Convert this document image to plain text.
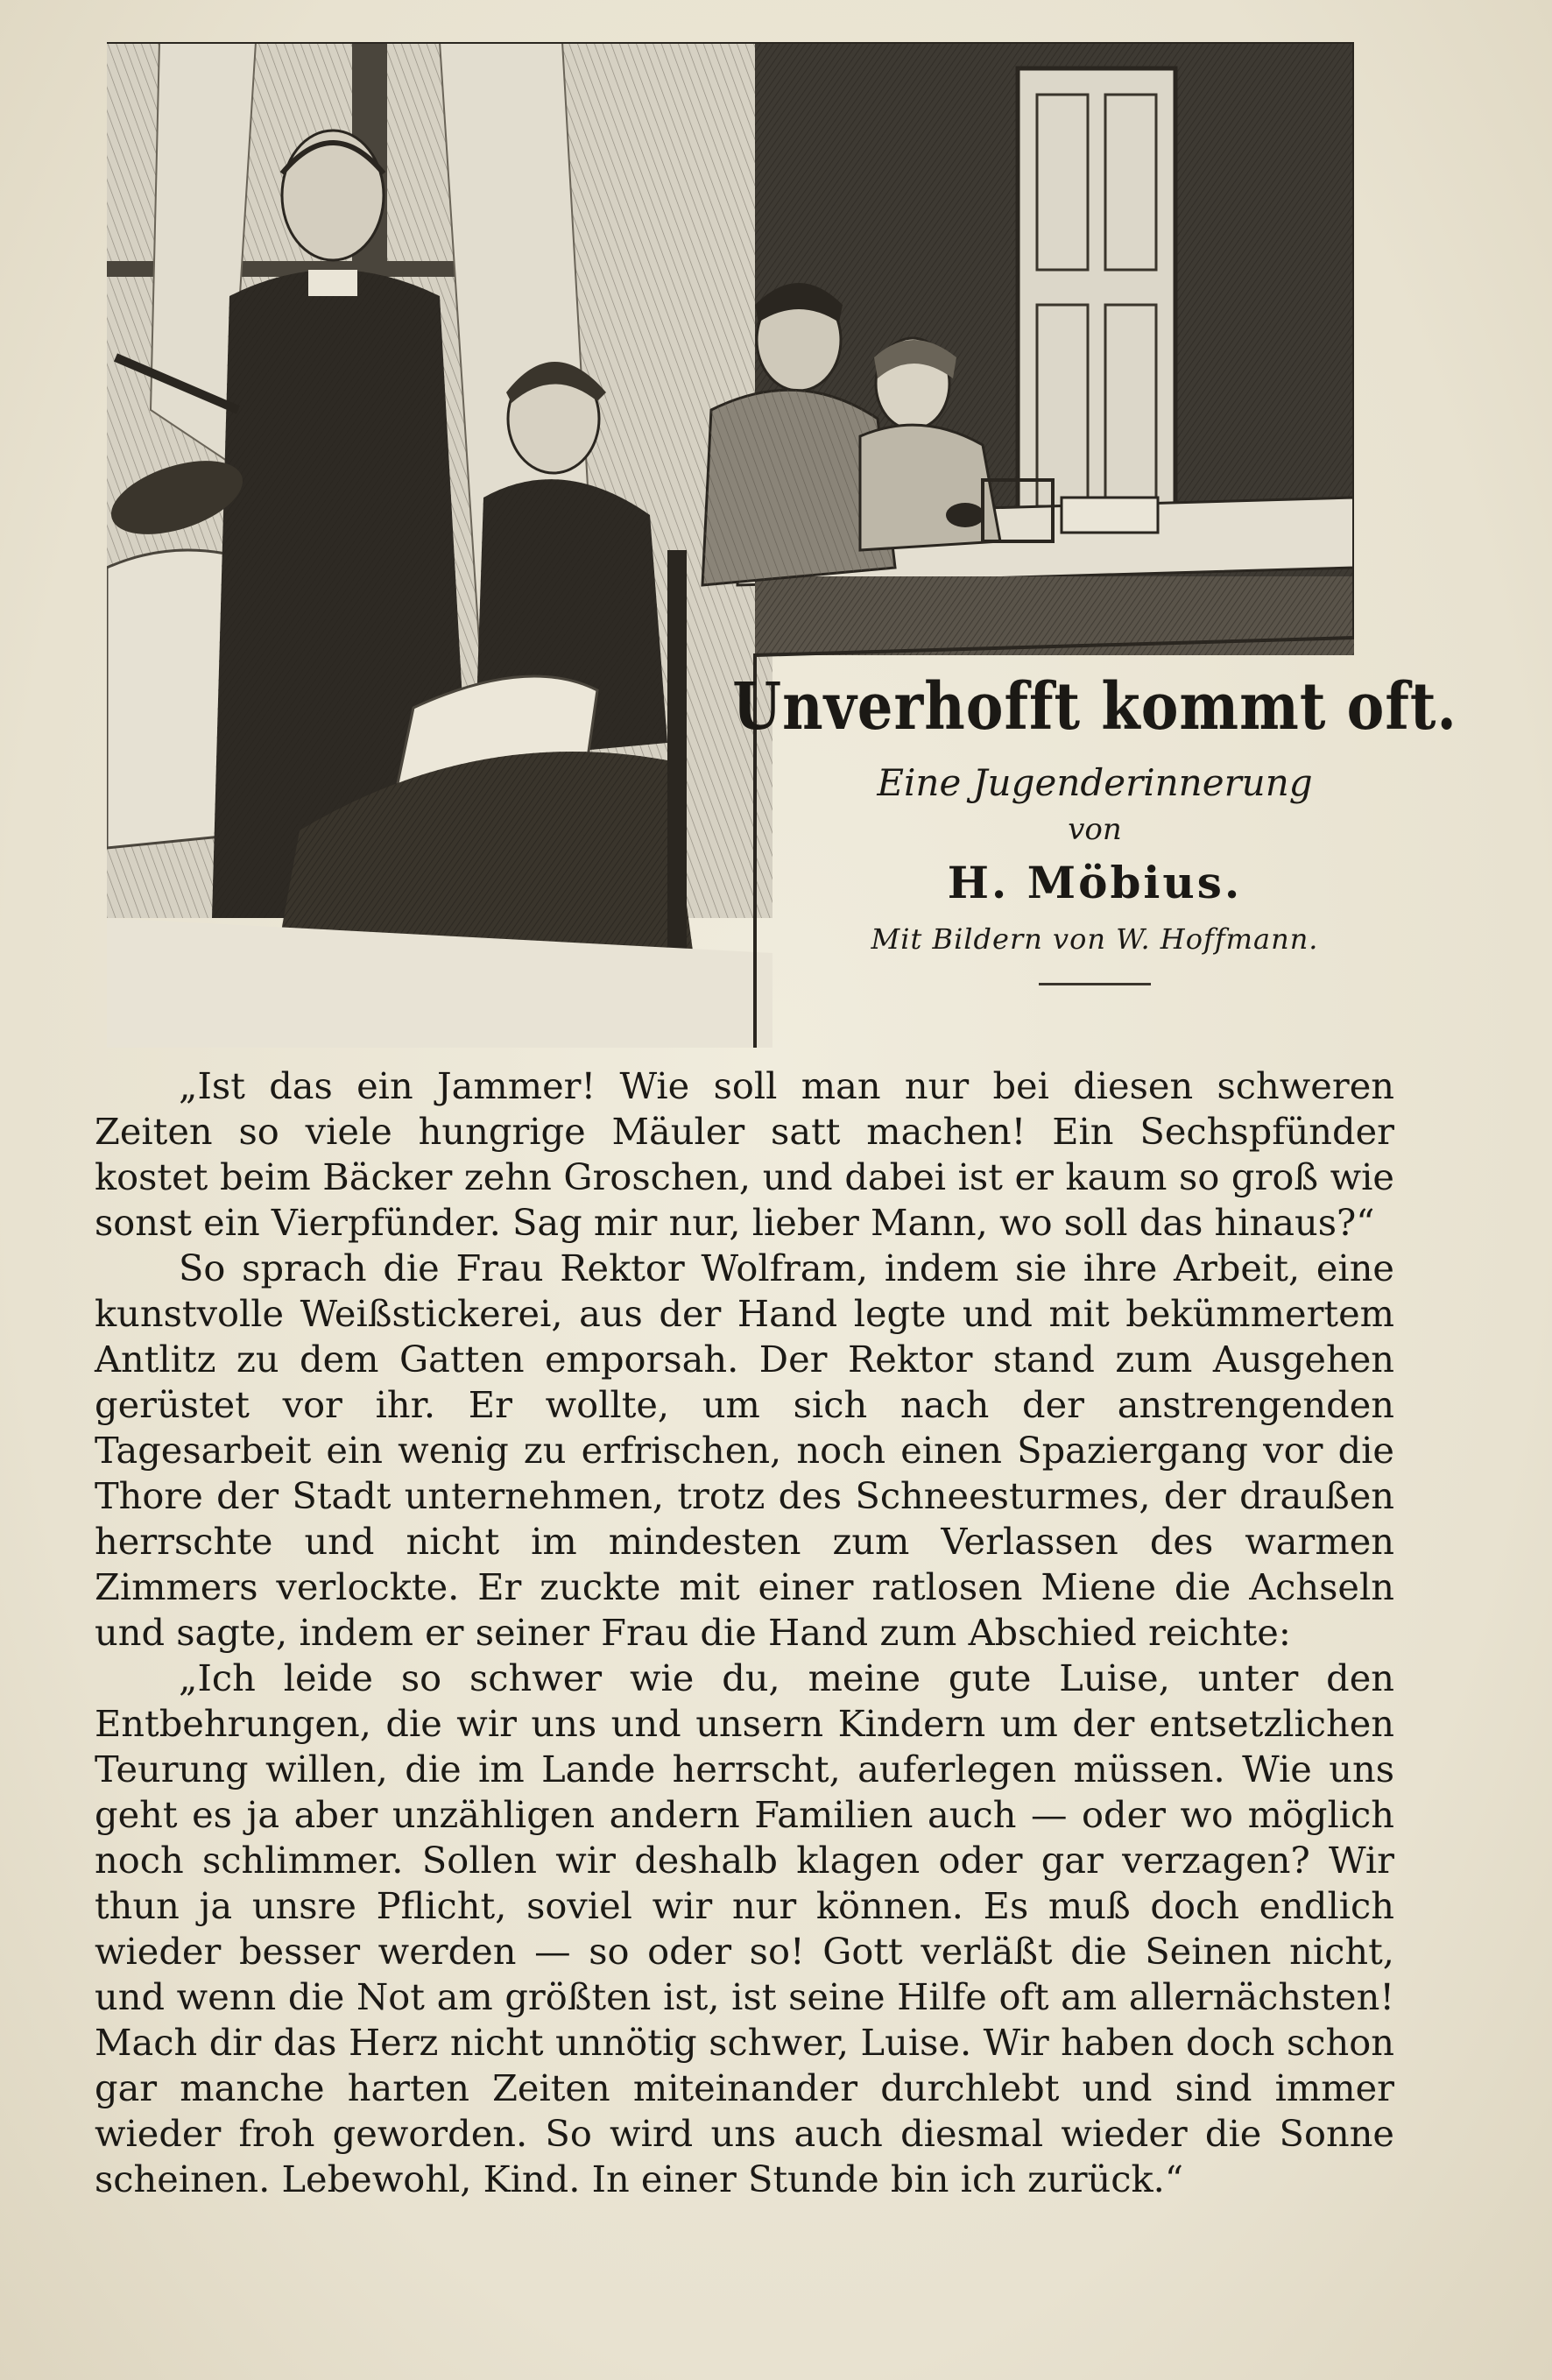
Unverhofft kommt oft.
Eine Jugenderinnerung
von
H. Möbius.
Mit Bildern von W. Hoffmann.

„Ist das ein Jammer! Wie soll man nur bei diesen schweren Zeiten so viele hungrige Mäuler satt machen! Ein Sechspfünder kostet beim Bäcker zehn Groschen, und dabei ist er kaum so groß wie sonst ein Vierpfünder. Sag mir nur, lieber Mann, wo soll das hinaus?“

So sprach die Frau Rektor Wolfram, indem sie ihre Arbeit, eine kunstvolle Weißstickerei, aus der Hand legte und mit bekümmertem Antlitz zu dem Gatten emporsah. Der Rektor stand zum Ausgehen gerüstet vor ihr. Er wollte, um sich nach der anstrengenden Tagesarbeit ein wenig zu erfrischen, noch einen Spaziergang vor die Thore der Stadt unternehmen, trotz des Schneesturmes, der draußen herrschte und nicht im mindesten zum Verlassen des warmen Zimmers verlockte. Er zuckte mit einer ratlosen Miene die Achseln und sagte, indem er seiner Frau die Hand zum Abschied reichte:

„Ich leide so schwer wie du, meine gute Luise, unter den Entbehrungen, die wir uns und unsern Kindern um der entsetzlichen Teurung willen, die im Lande herrscht, auferlegen müssen. Wie uns geht es ja aber unzähligen andern Familien auch — oder wo möglich noch schlimmer. Sollen wir deshalb klagen oder gar verzagen? Wir thun ja unsre Pflicht, soviel wir nur können. Es muß doch endlich wieder besser werden — so oder so! Gott verläßt die Seinen nicht, und wenn die Not am größten ist, ist seine Hilfe oft am allernächsten! Mach dir das Herz nicht unnötig schwer, Luise. Wir haben doch schon gar manche harten Zeiten miteinander durchlebt und sind immer wieder froh geworden. So wird uns auch diesmal wieder die Sonne scheinen. Lebewohl, Kind. In einer Stunde bin ich zurück.“
